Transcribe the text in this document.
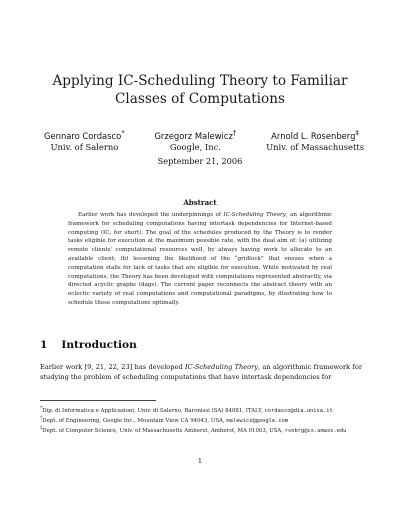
Applying IC-Scheduling Theory to Familiar Classes of Computations
Gennaro Cordasco*
Univ. of Salerno
Grzegorz Malewicz†
Google, Inc.
Arnold L. Rosenberg‡
Univ. of Massachusetts
September 21, 2006
Abstract
Earlier work has developed the underpinnings of IC-Scheduling Theory, an algorithmic framework for scheduling computations having intertask dependencies for Internet-based computing (IC, for short). The goal of the schedules produced by the Theory is to render tasks eligible for execution at the maximum possible rate, with the dual aim of: (a) utilizing remote clients' computational resources well, by always having work to allocate to an available client; (b) lessening the likelihood of the “gridlock” that ensues when a computation stalls for lack of tasks that are eligible for execution. While motivated by real computations, the Theory has been developed with computations represented abstractly, via directed acyclic graphs (dags). The current paper reconnects the abstract theory with an eclectic variety of real computations and computational paradigms, by illustrating how to schedule these computations optimally.
1 Introduction
Earlier work [9, 21, 22, 23] has developed IC-Scheduling Theory, an algorithmic framework for studying the problem of scheduling computations that have intertask dependencies for

*Dip. di Informatica e Applicazioni, Univ. di Salerno, Baronissi (SA) 84081, ITALY, cordasco@dia.unisa.it

†Dept. of Engineering, Google Inc., Mountain View CA 94043, USA, malewicz@google.com

‡Dept. of Computer Science, Univ. of Massachusetts Amherst, Amherst, MA 01003, USA, rsnbrg@cs.umass.edu

1
